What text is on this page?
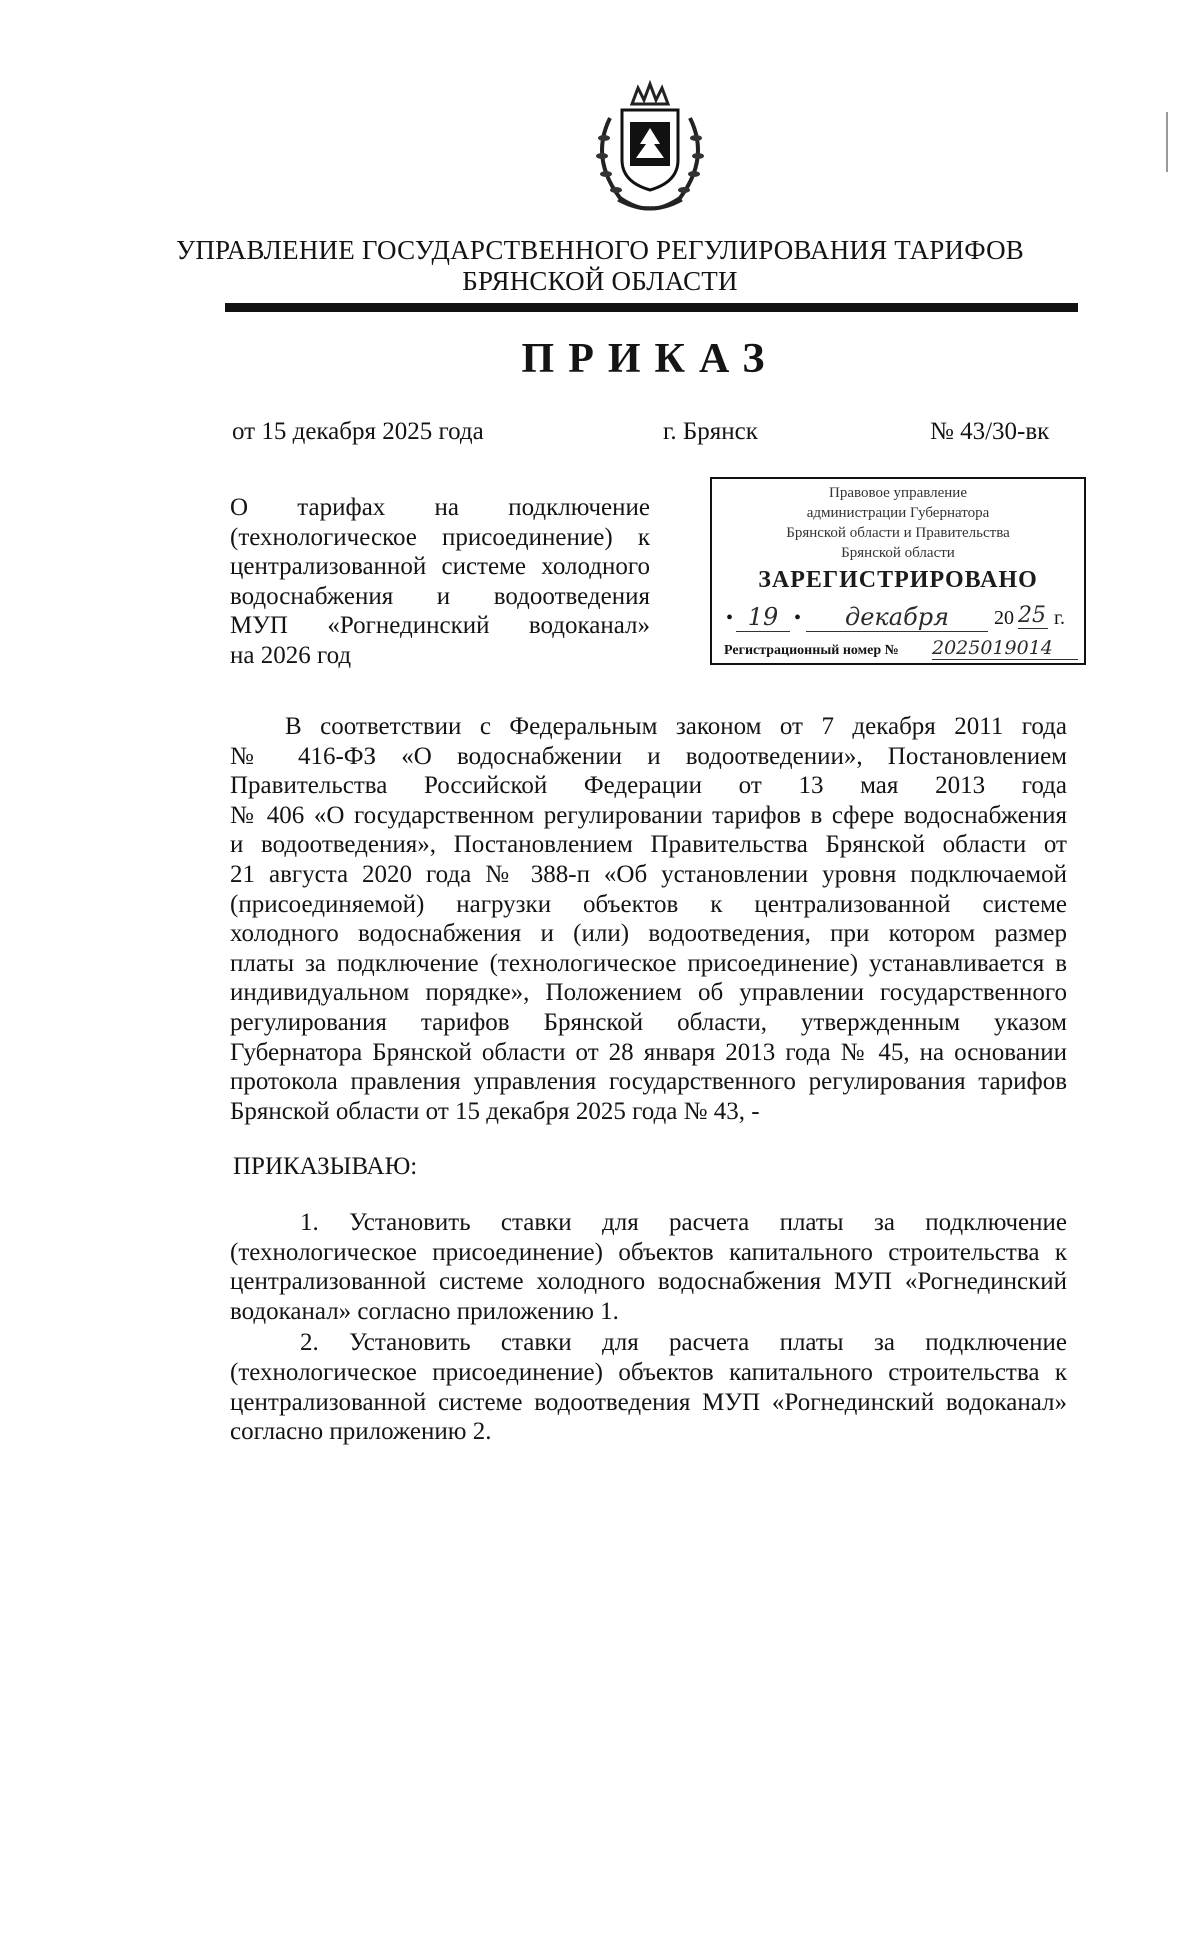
УПРАВЛЕНИЕ ГОСУДАРСТВЕННОГО РЕГУЛИРОВАНИЯ ТАРИФОВ
БРЯНСКОЙ ОБЛАСТИ
ПРИКАЗ
от 15 декабря 2025 года	г. Брянск	№ 43/30-вк
О тарифах на подключение
(технологическое присоединение) к
централизованной системе холодного
водоснабжения и водоотведения
МУП «Рогнединский водоканал»
на 2026 год
Правовое управление
администрации Губернатора
Брянской области и Правительства
Брянской области
ЗАРЕГИСТРИРОВАНО
• 19 •	декабря	20 25 г.
Регистрационный номер № 2025019014
В соответствии с Федеральным законом от 7 декабря 2011 года
№ 416-ФЗ «О водоснабжении и водоотведении», Постановлением
Правительства Российской Федерации от 13 мая 2013 года
№ 406 «О государственном регулировании тарифов в сфере водоснабжения
и водоотведения», Постановлением Правительства Брянской области от
21 августа 2020 года № 388-п «Об установлении уровня подключаемой
(присоединяемой) нагрузки объектов к централизованной системе
холодного водоснабжения и (или) водоотведения, при котором размер
платы за подключение (технологическое присоединение) устанавливается в
индивидуальном порядке», Положением об управлении государственного
регулирования тарифов Брянской области, утвержденным указом
Губернатора Брянской области от 28 января 2013 года № 45, на основании
протокола правления управления государственного регулирования тарифов
Брянской области от 15 декабря 2025 года № 43, -
ПРИКАЗЫВАЮ:
1. Установить ставки для расчета платы за подключение
(технологическое присоединение) объектов капитального строительства к
централизованной системе холодного водоснабжения МУП «Рогнединский
водоканал» согласно приложению 1.
2. Установить ставки для расчета платы за подключение
(технологическое присоединение) объектов капитального строительства к
централизованной системе водоотведения МУП «Рогнединский водоканал»
согласно приложению 2.
